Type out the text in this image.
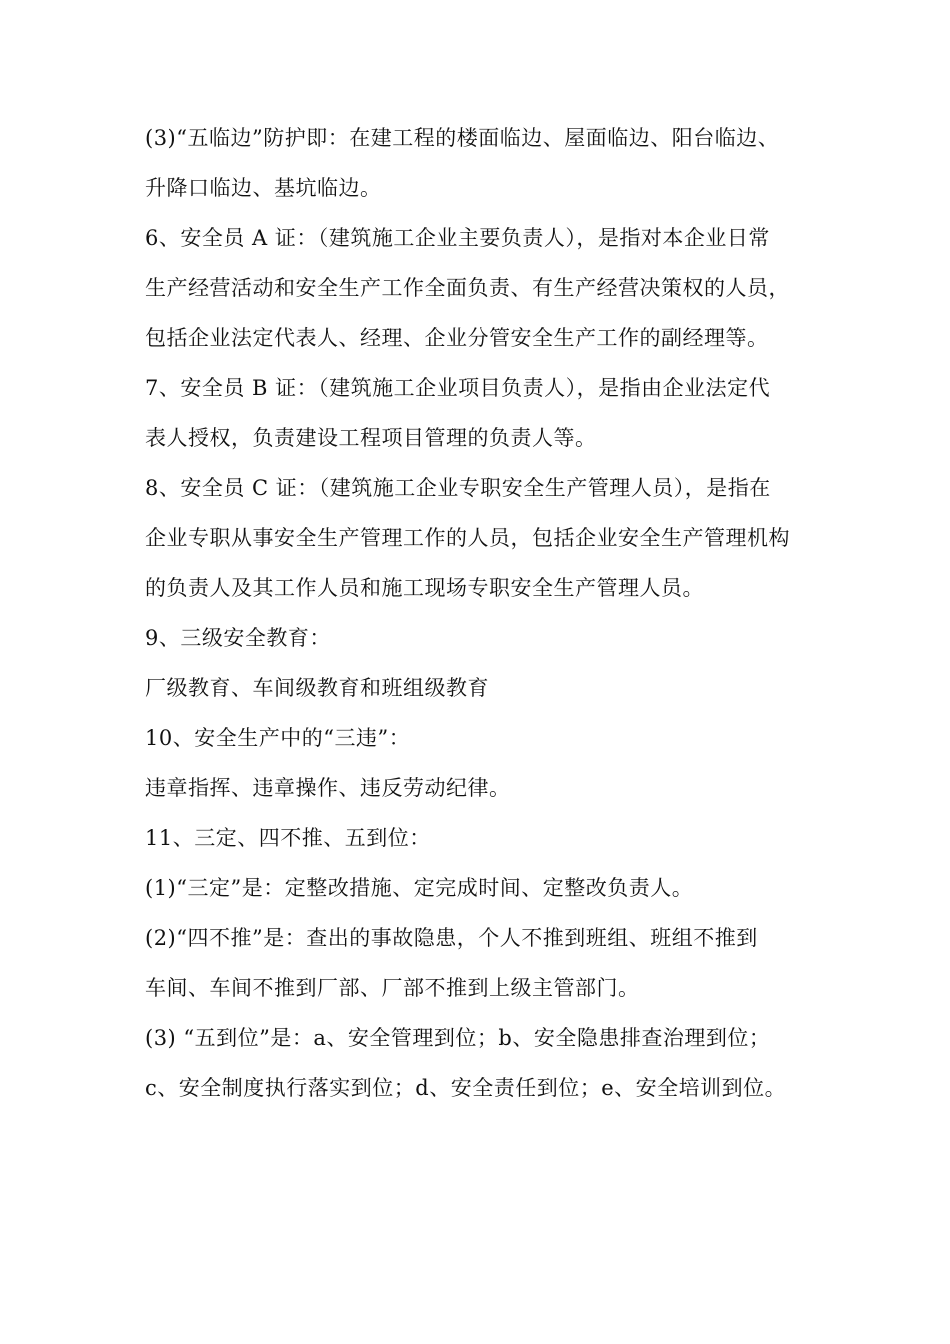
(3)“五临边”防护即：在建工程的楼面临边、屋面临边、阳台临边、
升降口临边、基坑临边。
6、安全员 A 证：（建筑施工企业主要负责人），是指对本企业日常
生产经营活动和安全生产工作全面负责、有生产经营决策权的人员，
包括企业法定代表人、经理、企业分管安全生产工作的副经理等。
7、安全员 B 证：（建筑施工企业项目负责人），是指由企业法定代
表人授权，负责建设工程项目管理的负责人等。
8、安全员 C 证：（建筑施工企业专职安全生产管理人员），是指在
企业专职从事安全生产管理工作的人员，包括企业安全生产管理机构
的负责人及其工作人员和施工现场专职安全生产管理人员。
9、三级安全教育：
厂级教育、车间级教育和班组级教育
10、安全生产中的“三违”：
违章指挥、违章操作、违反劳动纪律。
11、三定、四不推、五到位：
(1)“三定”是：定整改措施、定完成时间、定整改负责人。
(2)“四不推”是：查出的事故隐患，个人不推到班组、班组不推到
车间、车间不推到厂部、厂部不推到上级主管部门。
(3) “五到位”是：a、安全管理到位；b、安全隐患排查治理到位；
c、安全制度执行落实到位；d、安全责任到位；e、安全培训到位。
